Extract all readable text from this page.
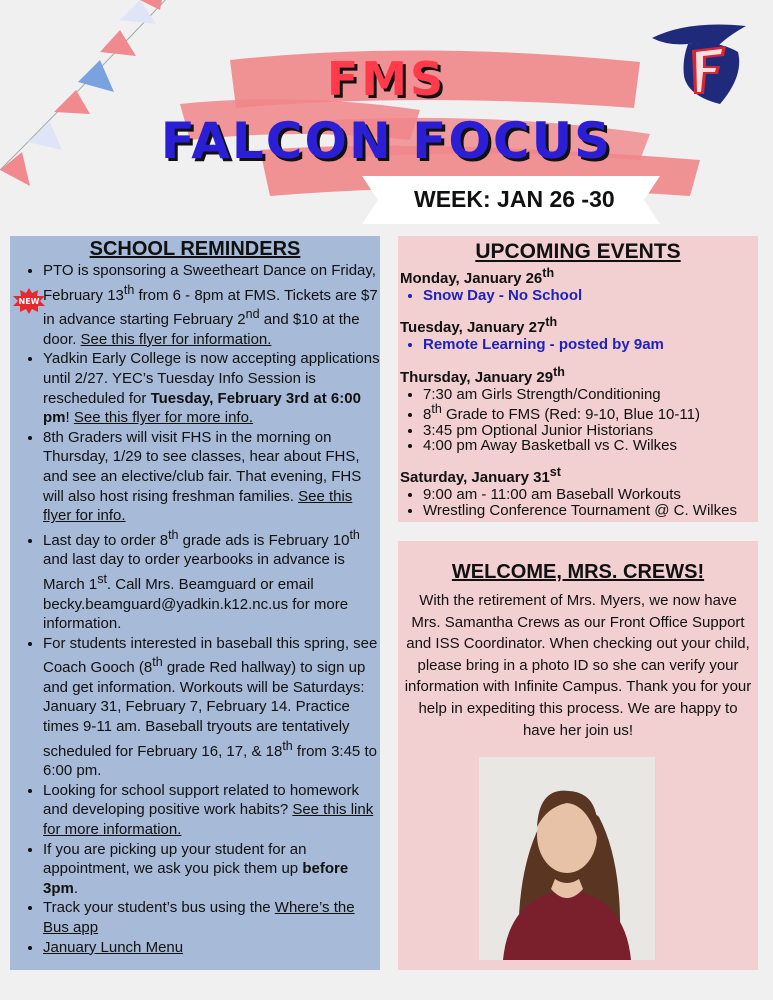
FMS
FALCON FOCUS
WEEK: JAN 26 -30
SCHOOL REMINDERS
• PTO is sponsoring a Sweetheart Dance on Friday, February 13th from 6 - 8pm at FMS. Tickets are $7 in advance starting February 2nd and $10 at the door. See this flyer for information.
• Yadkin Early College is now accepting applications until 2/27. YEC’s Tuesday Info Session is rescheduled for Tuesday, February 3rd at 6:00 pm! See this flyer for more info.
• 8th Graders will visit FHS in the morning on Thursday, 1/29 to see classes, hear about FHS, and see an elective/club fair. That evening, FHS will also host rising freshman families. See this flyer for info.
• Last day to order 8th grade ads is February 10th and last day to order yearbooks in advance is March 1st. Call Mrs. Beamguard or email becky.beamguard@yadkin.k12.nc.us for more information.
• For students interested in baseball this spring, see Coach Gooch (8th grade Red hallway) to sign up and get information. Workouts will be Saturdays: January 31, February 7, February 14. Practice times 9-11 am. Baseball tryouts are tentatively scheduled for February 16, 17, & 18th from 3:45 to 6:00 pm.
• Looking for school support related to homework and developing positive work habits? See this link for more information.
• If you are picking up your student for an appointment, we ask you pick them up before 3pm.
• Track your student’s bus using the Where’s the Bus app
• January Lunch Menu
NEW
UPCOMING EVENTS

Monday, January 26th

• Snow Day - No School

Tuesday, January 27th

• Remote Learning - posted by 9am

Thursday, January 29th

• 7:30 am Girls Strength/Conditioning
• 8th Grade to FMS (Red: 9-10, Blue 10-11)
• 3:45 pm Optional Junior Historians
• 4:00 pm Away Basketball vs C. Wilkes

Saturday, January 31st

• 9:00 am - 11:00 am Baseball Workouts
• Wrestling Conference Tournament @ C. Wilkes
WELCOME, MRS. CREWS!

With the retirement of Mrs. Myers, we now have Mrs. Samantha Crews as our Front Office Support and ISS Coordinator. When checking out your child, please bring in a photo ID so she can verify your information with Infinite Campus. Thank you for your help in expediting this process. We are happy to have her join us!
